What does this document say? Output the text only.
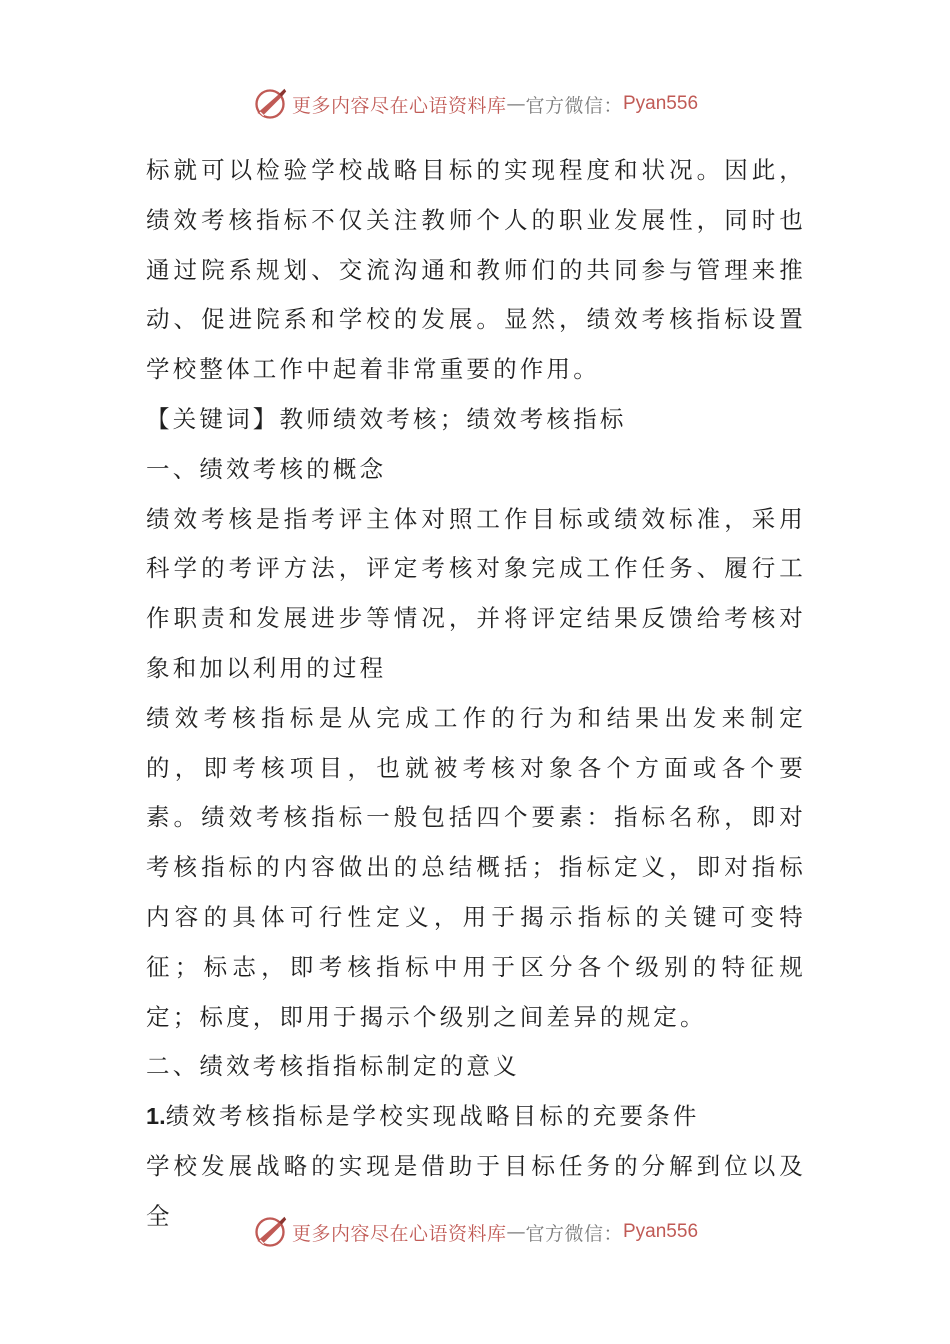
更多内容尽在心语资料库 — 官方微信： Pyan556

标就可以检验学校战略目标的实现程度和状况。因此，绩效考核指标不仅关注教师个人的职业发展性，同时也通过院系规划、交流沟通和教师们的共同参与管理来推动、促进院系和学校的发展。显然，绩效考核指标设置学校整体工作中起着非常重要的作用。

【关键词】教师绩效考核；绩效考核指标

一、绩效考核的概念

绩效考核是指考评主体对照工作目标或绩效标准，采用科学的考评方法，评定考核对象完成工作任务、履行工作职责和发展进步等情况，并将评定结果反馈给考核对象和加以利用的过程

绩效考核指标是从完成工作的行为和结果出发来制定的，即考核项目，也就被考核对象各个方面或各个要素。绩效考核指标一般包括四个要素：指标名称，即对考核指标的内容做出的总结概括；指标定义，即对指标内容的具体可行性定义，用于揭示指标的关键可变特征；标志，即考核指标中用于区分各个级别的特征规定；标度，即用于揭示个级别之间差异的规定。

二、绩效考核指指标制定的意义

1.绩效考核指标是学校实现战略目标的充要条件

学校发展战略的实现是借助于目标任务的分解到位以及全

更多内容尽在心语资料库 — 官方微信： Pyan556
